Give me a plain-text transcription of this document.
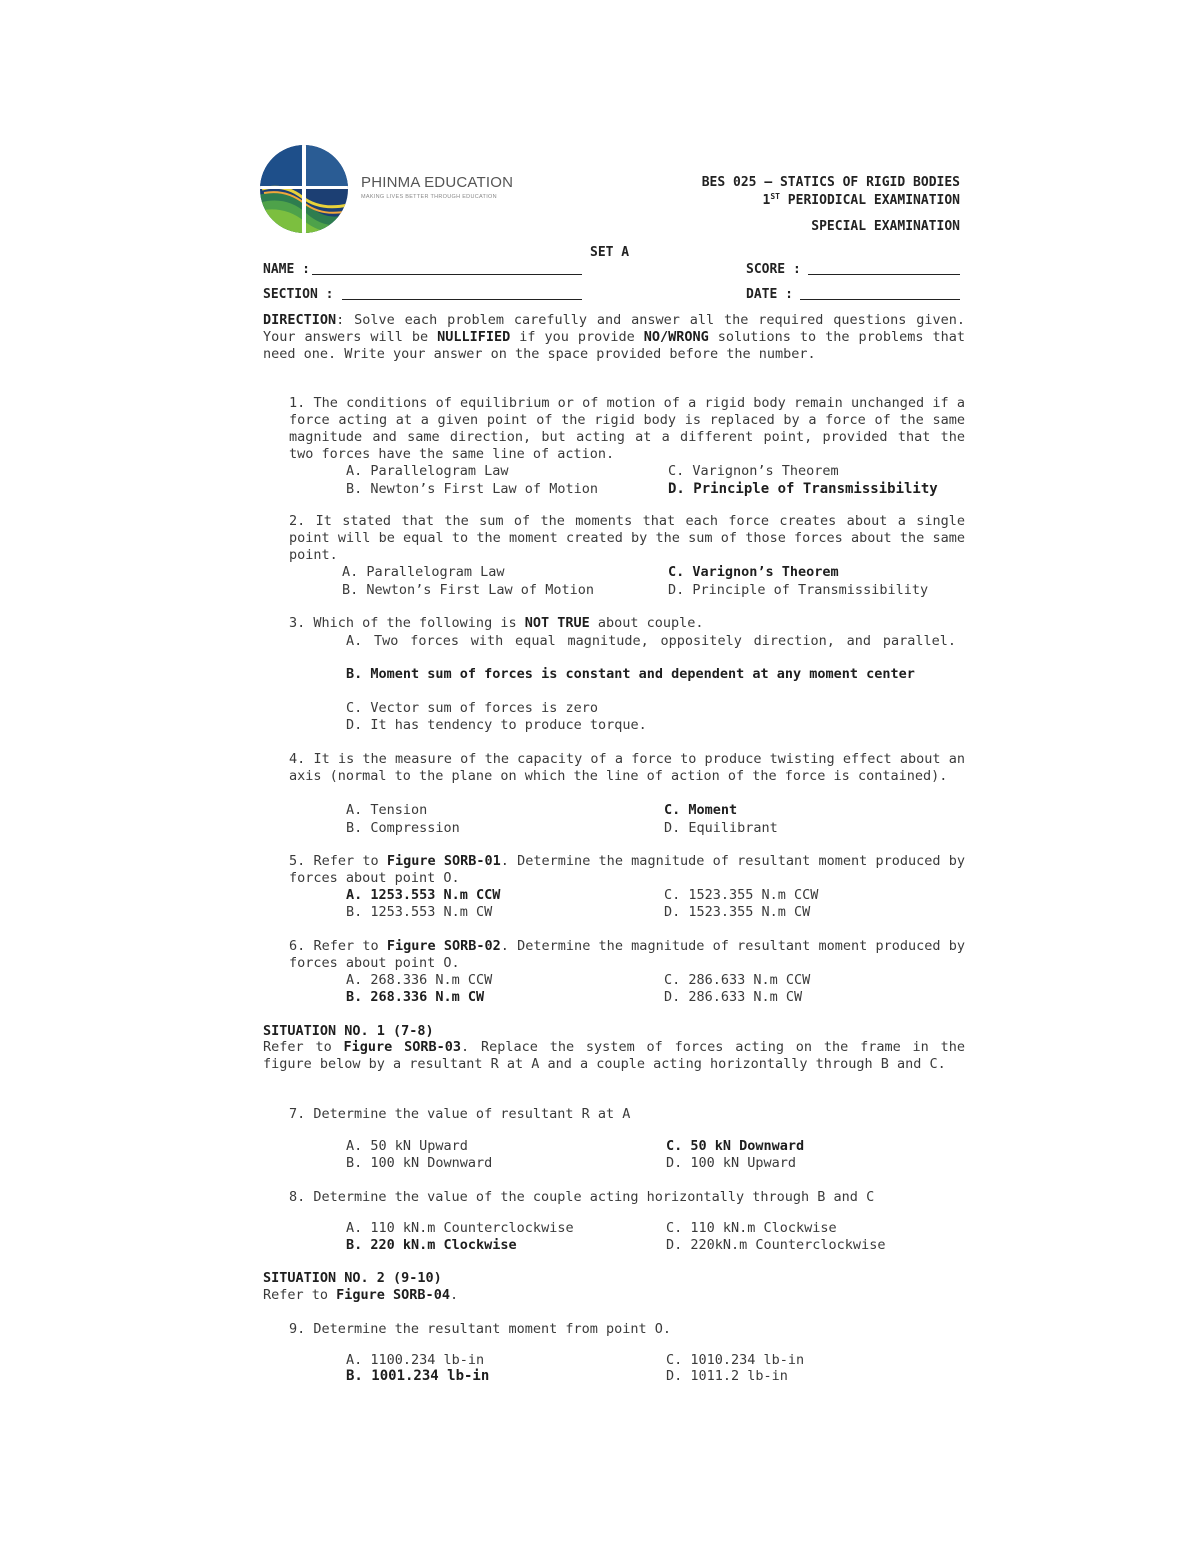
PHINMA EDUCATION
MAKING LIVES BETTER THROUGH EDUCATION
BES 025 – STATICS OF RIGID BODIES
1ST PERIODICAL EXAMINATION
SPECIAL EXAMINATION
SET A
NAME :
SECTION :
SCORE :
DATE :
DIRECTION: Solve each problem carefully and answer all the required questions given. Your answers will be NULLIFIED if you provide NO/WRONG solutions to the problems that need one. Write your answer on the space provided before the number.
1. The conditions of equilibrium or of motion of a rigid body remain unchanged if a force acting at a given point of the rigid body is replaced by a force of the same magnitude and same direction, but acting at a different point, provided that the two forces have the same line of action.
A. Parallelogram Law
B. Newton’s First Law of Motion
C. Varignon’s Theorem
D. Principle of Transmissibility
2. It stated that the sum of the moments that each force creates about a single point will be equal to the moment created by the sum of those forces about the same point.
A. Parallelogram Law
B. Newton’s First Law of Motion
C. Varignon’s Theorem
D. Principle of Transmissibility
3. Which of the following is NOT TRUE about couple.
A. Two forces with equal magnitude, oppositely direction, and parallel.
B. Moment sum of forces is constant and dependent at any moment center
C. Vector sum of forces is zero
D. It has tendency to produce torque.
4. It is the measure of the capacity of a force to produce twisting effect about an axis (normal to the plane on which the line of action of the force is contained).
A. Tension
B. Compression
C. Moment
D. Equilibrant
5. Refer to Figure SORB-01. Determine the magnitude of resultant moment produced by forces about point O.
A. 1253.553 N.m CCW
B. 1253.553 N.m CW
C. 1523.355 N.m CCW
D. 1523.355 N.m CW
6. Refer to Figure SORB-02. Determine the magnitude of resultant moment produced by forces about point O.
A. 268.336 N.m CCW
B. 268.336 N.m CW
C. 286.633 N.m CCW
D. 286.633 N.m CW
SITUATION NO. 1 (7-8)
Refer to Figure SORB-03. Replace the system of forces acting on the frame in the figure below by a resultant R at A and a couple acting horizontally through B and C.
7. Determine the value of resultant R at A
A. 50 kN Upward
B. 100 kN Downward
C. 50 kN Downward
D. 100 kN Upward
8. Determine the value of the couple acting horizontally through B and C
A. 110 kN.m Counterclockwise
B. 220 kN.m Clockwise
C. 110 kN.m Clockwise
D. 220kN.m Counterclockwise
SITUATION NO. 2 (9-10)
Refer to Figure SORB-04.
9. Determine the resultant moment from point O.
A. 1100.234 lb-in
B. 1001.234 lb-in
C. 1010.234 lb-in
D. 1011.2 lb-in
